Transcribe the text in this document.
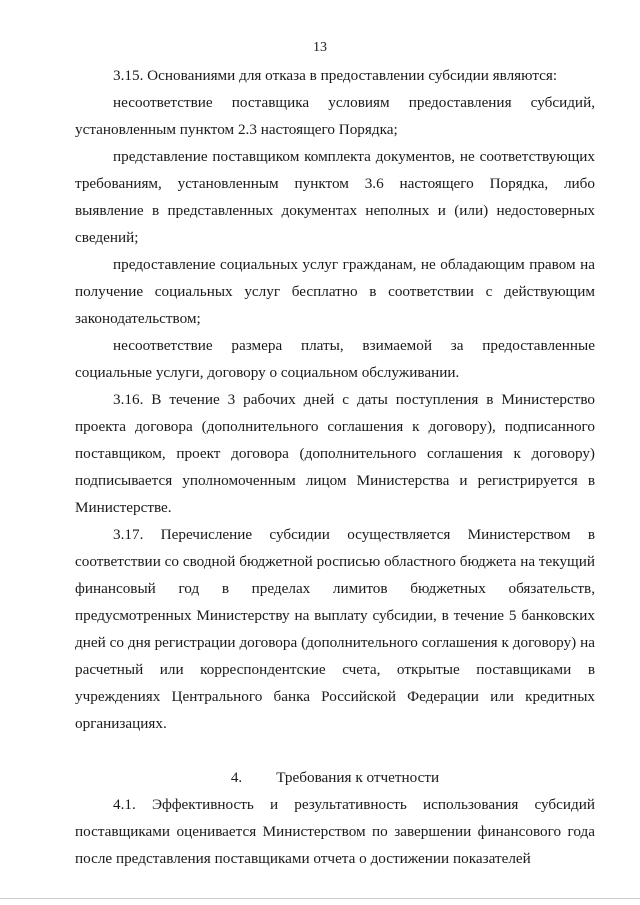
13

3.15. Основаниями для отказа в предоставлении субсидии являются:

несоответствие поставщика условиям предоставления субсидий, установленным пунктом 2.3 настоящего Порядка;

представление поставщиком комплекта документов, не соответствующих требованиям, установленным пунктом 3.6 настоящего Порядка, либо выявление в представленных документах неполных и (или) недостоверных сведений;

предоставление социальных услуг гражданам, не обладающим правом на получение социальных услуг бесплатно в соответствии с действующим законодательством;

несоответствие размера платы, взимаемой за предоставленные социальные услуги, договору о социальном обслуживании.

3.16. В течение 3 рабочих дней с даты поступления в Министерство проекта договора (дополнительного соглашения к договору), подписанного поставщиком, проект договора (дополнительного соглашения к договору) подписывается уполномоченным лицом Министерства и регистрируется в Министерстве.

3.17. Перечисление субсидии осуществляется Министерством в соответствии со сводной бюджетной росписью областного бюджета на текущий финансовый год в пределах лимитов бюджетных обязательств, предусмотренных Министерству на выплату субсидии, в течение 5 банковских дней со дня регистрации договора (дополнительного соглашения к договору) на расчетный или корреспондентские счета, открытые поставщиками в учреждениях Центрального банка Российской Федерации или кредитных организациях.

4. Требования к отчетности

4.1. Эффективность и результативность использования субсидий поставщиками оценивается Министерством по завершении финансового года после представления поставщиками отчета о достижении показателей
